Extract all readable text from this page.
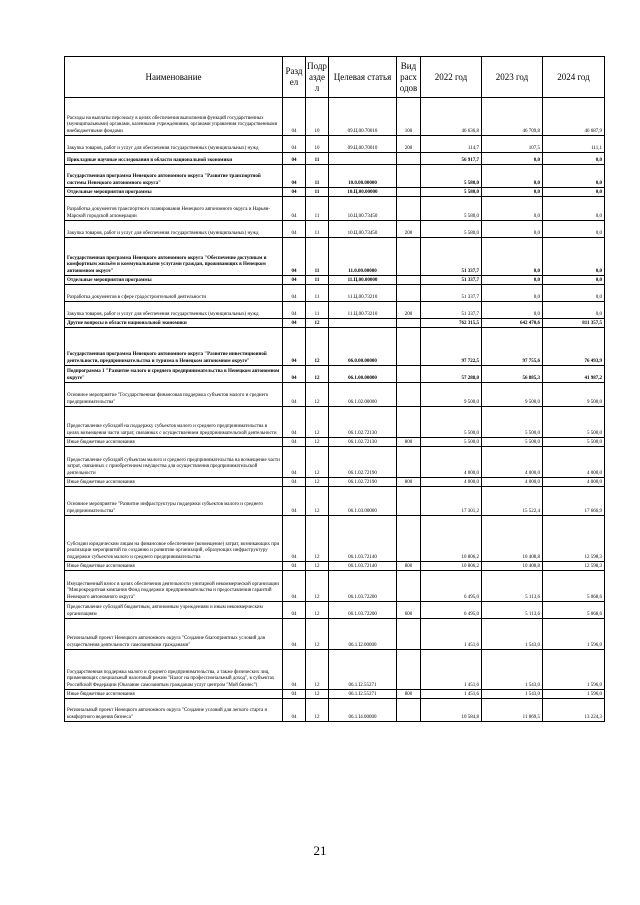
Наименование	Разд ел	Подр азде л	Целевая статья	Вид расх одов	2022 год	2023 год	2024 год
Расходы на выплаты персоналу в целях обеспечения выполнения функций государственных (муниципальными) органами, казенными учреждениями, органами управления государственными внебюджетными фондами	04	10	09.Ц.00.70010	100	46 636,8	46 709,8	46 687,9
Закупка товаров, работ и услуг для обеспечения государственных (муниципальных) нужд	04	10	09.Ц.00.70010	200	114,7	107,5	111,1
Прикладные научные исследования в области национальной экономики	04	11			56 917,7	0,0	0,0
Государственная программа Ненецкого автономного округа "Развитие транспортной системы Ненецкого автономного округа"	04	11	10.0.00.00000		5 580,0	0,0	0,0
Отдельные мероприятия программы	04	11	10.Ц.00.00000		5 580,0	0,0	0,0
Разработка документов транспортного планирования Ненецкого автономного округа и Нарьян-Марской городской агломерации	04	11	10.Ц.00.73450		5 580,0	0,0	0,0
Закупка товаров, работ и услуг для обеспечения государственных (муниципальных) нужд	04	11	10.Ц.00.73450	200	5 580,0	0,0	0,0
Государственная программа Ненецкого автономного округа "Обеспечение доступным и комфортным жильём и коммунальными услугами граждан, проживающих в Ненецком автономном округе"	04	11	11.0.00.00000		51 337,7	0,0	0,0
Отдельные мероприятия программы	04	11	11.Ц.00.00000		51 337,7	0,0	0,0
Разработка документов в сфере градостроительной деятельности	04	11	11.Ц.00.73210		51 337,7	0,0	0,0
Закупка товаров, работ и услуг для обеспечения государственных (муниципальных) нужд	04	11	11.Ц.00.73210	200	51 337,7	0,0	0,0
Другие вопросы в области национальной экономики	04	12			762 315,5	642 470,6	811 357,5
Государственная программа Ненецкого автономного округа "Развитие инвестиционной деятельности, предпринимательства и туризма в Ненецком автономном округе"	04	12	06.0.00.00000		97 722,5	97 755,6	76 493,9
Подпрограмма 1 "Развитие малого и среднего предпринимательства в Ненецком автономном округе"	04	12	06.1.00.00000		57 288,0	56 885,3	41 987,2
Основное мероприятие "Государственная финансовая поддержка субъектов малого и среднего предпринимательства"	04	12	06.1.02.00000		9 500,0	9 500,0	9 500,0
Предоставление субсидий на поддержку субъектов малого и среднего предпринимательства в целях возмещения части затрат, связанных с осуществлением предпринимательской деятельности	04	12	06.1.02.72130		5 500,0	5 500,0	5 500,0
Иные бюджетные ассигнования	04	12	06.1.02.72130	800	5 500,0	5 500,0	5 500,0
Предоставление субсидий субъектам малого и среднего предпринимательства на возмещение части затрат, связанных с приобретением имущества для осуществления предпринимательской деятельности	04	12	06.1.02.72190		4 000,0	4 000,0	4 000,0
Иные бюджетные ассигнования	04	12	06.1.02.72190	800	4 000,0	4 000,0	4 000,0
Основное мероприятие "Развитие инфраструктуры поддержки субъектов малого и среднего предпринимательства"	04	12	06.1.03.00000		17 301,2	15 522,4	17 666,9
Субсидии юридическим лицам на финансовое обеспечение (возмещение) затрат, возникающих при реализации мероприятий по созданию и развитию организаций, образующих инфраструктуру поддержки субъектов малого и среднего предпринимательства	04	12	06.1.03.72140		10 806,2	10 408,8	12 598,3
Иные бюджетные ассигнования	04	12	06.1.03.72140	800	10 806,2	10 408,8	12 598,3
Имущественный взнос в целях обеспечения деятельности унитарной некоммерческой организации "Микрокредитная компания Фонд поддержки предпринимательства и предоставления гарантий Ненецкого автономного округа"	04	12	06.1.03.72200		6 495,0	5 113,6	5 068,6
Предоставление субсидий бюджетным, автономным учреждениям и иным некоммерческим организациям	04	12	06.1.03.72200	600	6 495,0	5 113,6	5 068,6
Региональный проект Ненецкого автономного округа "Создание благоприятных условий для осуществления деятельности самозанятыми гражданами"	04	12	06.1.I2.00000		1 451,6	1 543,0	1 596,0
Государственная поддержка малого и среднего предпринимательства, а также физических лиц, применяющих специальный налоговый режим "Налог на профессиональный доход", в субъектах Российской Федерации (Оказание самозанятым гражданам услуг центром "Мой бизнес")	04	12	06.1.I2.55271		1 451,6	1 543,0	1 596,0
Иные бюджетные ассигнования	04	12	06.1.I2.55271	800	1 451,6	1 543,0	1 596,0
Региональный проект Ненецкого автономного округа "Создание условий для легкого старта и комфортного ведения бизнеса"	04	12	06.1.I4.00000		10 584,8	11 869,5	13 224,3
21
